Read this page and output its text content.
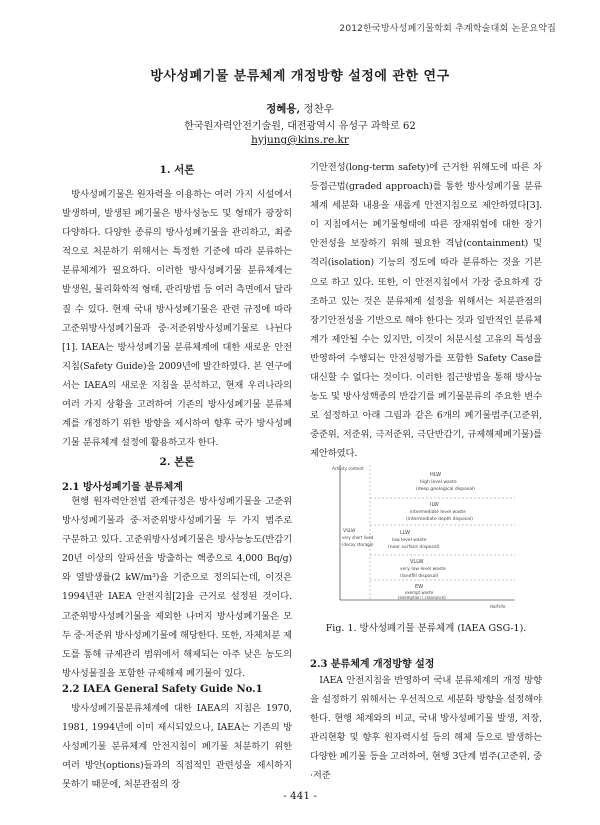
2012한국방사성폐기물학회 추계학술대회 논문요약집
방사성폐기물 분류체계 개정방향 설정에 관한 연구
정혜용, 정찬우
한국원자력안전기술원, 대전광역시 유성구 과학로 62
hyjung@kins.re.kr
1. 서론

방사성폐기물은 원자력을 이용하는 여러 가지 시설에서 발생하며, 발생된 폐기물은 방사성농도 및 형태가 광장히 다양하다. 다양한 종류의 방사성폐기물을 관리하고, 최종적으로 처분하기 위해서는 특정한 기준에 따라 분류하는 분류체계가 필요하다. 이러한 방사성폐기물 분류체계는 발생원, 물리화학적 형태, 관리방법 등 여러 측면에서 달라 질 수 있다. 현재 국내 방사성폐기물은 관련 규정에 따라 고준위방사성폐기물과 중·저준위방사성폐기물로 나뉜다[1]. IAEA는 방사성폐기물 분류체계에 대한 새로운 안전지침(Safety Guide)을 2009년에 발간하였다. 본 연구에서는 IAEA의 새로운 지침을 분석하고, 현재 우리나라의 여러 가지 상황을 고려하여 기존의 방사성폐기물 분류체계를 개정하기 위한 방향을 제시하여 향후 국가 방사성폐기물 분류체계 설정에 활용하고자 한다.

2. 본론
2.1 방사성폐기물 분류체계

현행 원자력안전법 관계규정은 방사성폐기물을 고준위방사성폐기물과 중·저준위방사성폐기물 두 가지 범주로 구분하고 있다. 고준위방사성폐기물은 방사능농도(반감기 20년 이상의 알파선을 방출하는 핵종으로 4,000 Bq/g)와 열발생률(2 kW/m³)을 기준으로 정의되는데, 이것은 1994년판 IAEA 안전지침[2]을 근거로 설정된 것이다. 고준위방사성폐기물을 제외한 나머지 방사성폐기물은 모두 중·저준위 방사성폐기물에 해당한다. 또한, 자체처분 제도를 통해 규제관리 범위에서 해제되는 아주 낮은 농도의 방사성물질을 포함한 규제해제 폐기물이 있다.

2.2 IAEA General Safety Guide No.1

방사성폐기물분류체계에 대한 IAEA의 지침은 1970, 1981, 1994년에 이미 제시되었으나, IAEA는 기존의 방사성폐기물 분류체계 안전지침이 폐기물 처분하기 위한 여러 방안(options)들과의 직접적인 관련성을 제시하지 못하기 때문에, 처분관점의 장

기안전성(long-term safety)에 근거한 위해도에 따른 차등접근법(graded approach)를 통한 방사성폐기물 분류체계 세분화 내용을 새롭게 안전지침으로 제안하였다[3]. 이 지침에서는 폐기물형태에 따른 장재위험에 대한 장기 안전성을 보장하기 위해 필요한 격납(containment) 및 격리(isolation) 기능의 정도에 따라 분류하는 것을 기본으로 하고 있다. 또한, 이 안전지침에서 가장 중요하게 강조하고 있는 것은 분류체계 설정을 위해서는 처분관점의 장기안전성을 기반으로 해야 한다는 것과 일반적인 분류체계가 제안될 수는 있지만, 이것이 처분시설 고유의 특성을 반영하여 수행되는 안전성평가를 포함한 Safety Case를 대신할 수 없다는 것이다. 이러한 접근방법을 통해 방사능농도 및 방사성핵종의 반감기를 폐기물분류의 주요한 변수로 설정하고 아래 그림과 같은 6개의 폐기물범주(고준위, 중준위, 저준위, 극저준위, 극단반감기, 규제해제폐기물)를 제안하였다.

HLW
high level waste
(deep geological disposal)
ILW
intermediate level waste
(intermediate depth disposal)
LLW
low level waste
(near surface disposal)
VSLW
very short lived
(decay storage)
VLLW
very low level waste
(landfill disposal)
EW
exempt waste
(exemption / clearance)
Half-life
Activity content
Fig. 1. 방사성폐기물 분류체계 (IAEA GSG-1).
2.3 분류체계 개정방향 설정

IAEA 안전지침을 반영하여 국내 분류체계의 개정 방향을 설정하기 위해서는 우선적으로 세분화 방향을 설정해야 한다. 현행 체계와의 비교, 국내 방사성폐기물 발생, 저장, 관리현황 및 향후 원자력시설 등의 해체 등으로 발생하는 다양한 폐기물 등을 고려하여, 현행 3단계 범주(고준위, 중·저준

- 441 -
